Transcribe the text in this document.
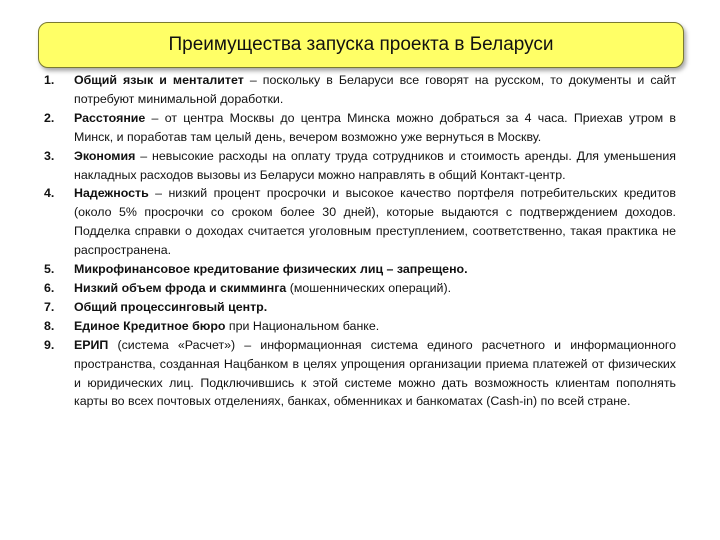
Преимущества запуска проекта в Беларуси
1.	Общий язык и менталитет – поскольку в Беларуси все говорят на русском, то документы и сайт потребуют минимальной доработки.
2.	Расстояние – от центра Москвы до центра Минска можно добраться за 4 часа. Приехав утром в Минск, и поработав там целый день, вечером возможно уже вернуться в Москву.
3.	Экономия – невысокие расходы на оплату труда сотрудников и стоимость аренды. Для уменьшения накладных расходов вызовы из Беларуси можно направлять в общий Контакт-центр.
4.	Надежность – низкий процент просрочки и высокое качество портфеля потребительских кредитов (около 5% просрочки со сроком более 30 дней), которые выдаются с подтверждением доходов. Подделка справки о доходах считается уголовным преступлением, соответственно, такая практика не распространена.
5.	Микрофинансовое кредитование физических лиц – запрещено.
6.	Низкий объем фрода и скимминга (мошеннических операций).
7.	Общий процессинговый центр.
8.	Единое Кредитное бюро при Национальном банке.
9.	ЕРИП (система «Расчет») – информационная система единого расчетного и информационного пространства, созданная Нацбанком в целях упрощения организации приема платежей от физических и юридических лиц. Подключившись к этой системе можно дать возможность клиентам пополнять карты во всех почтовых отделениях, банках, обменниках и банкоматах (Cash-in) по всей стране.
